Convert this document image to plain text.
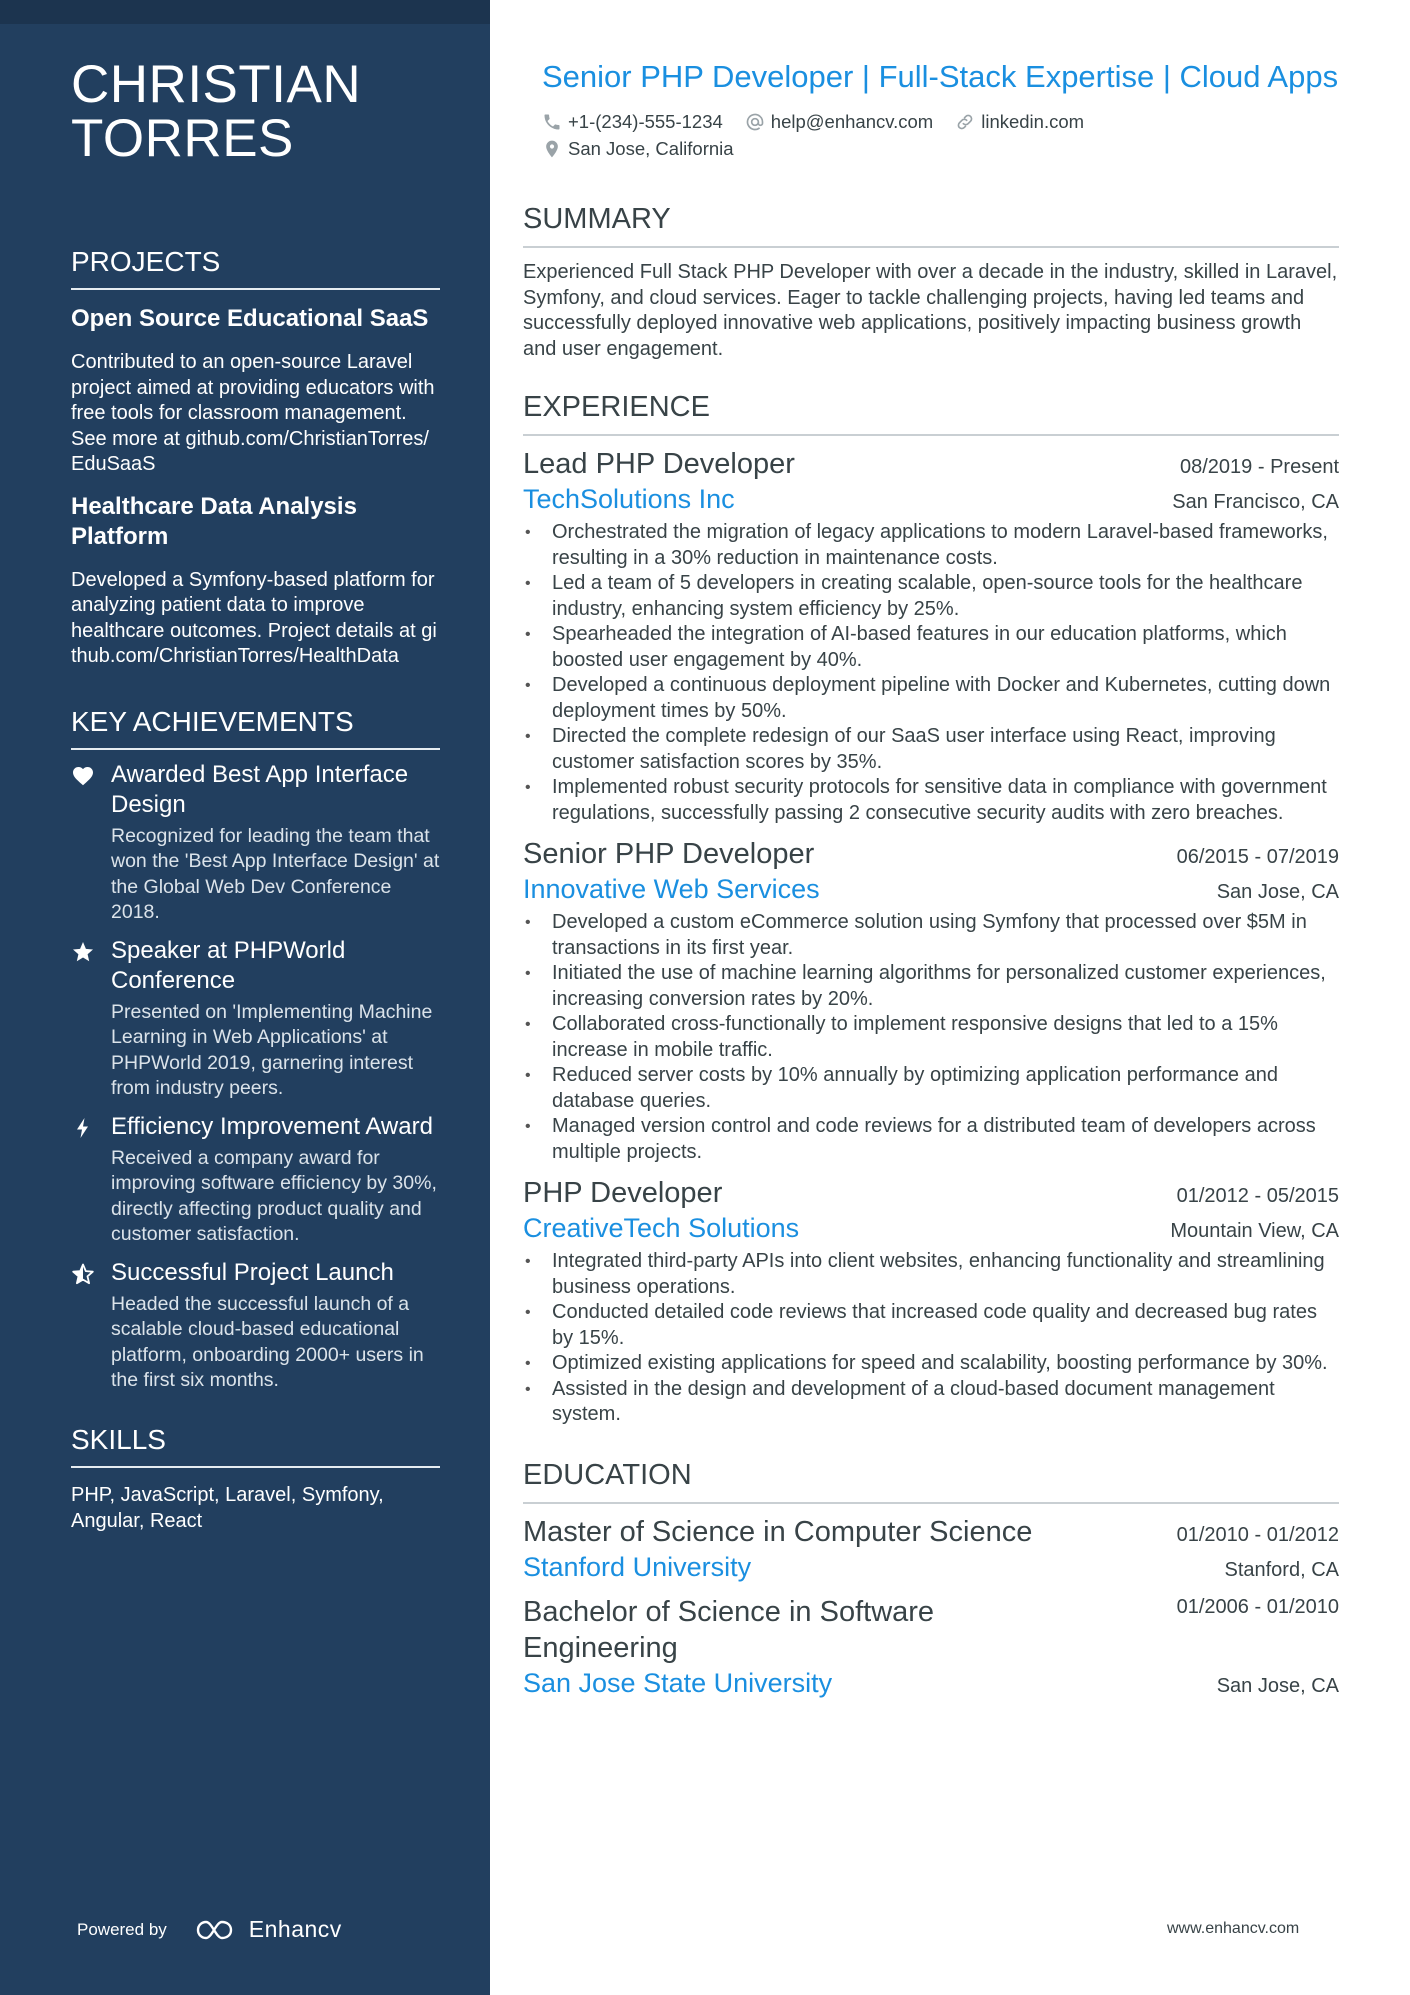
CHRISTIAN
TORRES
PROJECTS
Open Source Educational SaaS
Contributed to an open-source Laravel project aimed at providing educators with free tools for classroom management. See more at github.com/ChristianTorres/EduSaaS
Healthcare Data Analysis Platform
Developed a Symfony-based platform for analyzing patient data to improve healthcare outcomes. Project details at github.com/ChristianTorres/HealthData
KEY ACHIEVEMENTS
Awarded Best App Interface Design
Recognized for leading the team that won the 'Best App Interface Design' at the Global Web Dev Conference 2018.
Speaker at PHPWorld Conference
Presented on 'Implementing Machine Learning in Web Applications' at PHPWorld 2019, garnering interest from industry peers.
Efficiency Improvement Award
Received a company award for improving software efficiency by 30%, directly affecting product quality and customer satisfaction.
Successful Project Launch
Headed the successful launch of a scalable cloud-based educational platform, onboarding 2000+ users in the first six months.
SKILLS
PHP, JavaScript, Laravel, Symfony, Angular, React
Powered by	Enhancv
Senior PHP Developer | Full-Stack Expertise | Cloud Apps
+1-(234)-555-1234	help@enhancv.com	linkedin.com
San Jose, California
SUMMARY
Experienced Full Stack PHP Developer with over a decade in the industry, skilled in Laravel, Symfony, and cloud services. Eager to tackle challenging projects, having led teams and successfully deployed innovative web applications, positively impacting business growth and user engagement.
EXPERIENCE
Lead PHP Developer	08/2019 - Present
TechSolutions Inc	San Francisco, CA
• Orchestrated the migration of legacy applications to modern Laravel-based frameworks, resulting in a 30% reduction in maintenance costs.
• Led a team of 5 developers in creating scalable, open-source tools for the healthcare industry, enhancing system efficiency by 25%.
• Spearheaded the integration of AI-based features in our education platforms, which boosted user engagement by 40%.
• Developed a continuous deployment pipeline with Docker and Kubernetes, cutting down deployment times by 50%.
• Directed the complete redesign of our SaaS user interface using React, improving customer satisfaction scores by 35%.
• Implemented robust security protocols for sensitive data in compliance with government regulations, successfully passing 2 consecutive security audits with zero breaches.
Senior PHP Developer	06/2015 - 07/2019
Innovative Web Services	San Jose, CA
• Developed a custom eCommerce solution using Symfony that processed over $5M in transactions in its first year.
• Initiated the use of machine learning algorithms for personalized customer experiences, increasing conversion rates by 20%.
• Collaborated cross-functionally to implement responsive designs that led to a 15% increase in mobile traffic.
• Reduced server costs by 10% annually by optimizing application performance and database queries.
• Managed version control and code reviews for a distributed team of developers across multiple projects.
PHP Developer	01/2012 - 05/2015
CreativeTech Solutions	Mountain View, CA
• Integrated third-party APIs into client websites, enhancing functionality and streamlining business operations.
• Conducted detailed code reviews that increased code quality and decreased bug rates by 15%.
• Optimized existing applications for speed and scalability, boosting performance by 30%.
• Assisted in the design and development of a cloud-based document management system.
EDUCATION
Master of Science in Computer Science	01/2010 - 01/2012
Stanford University	Stanford, CA
Bachelor of Science in Software Engineering
01/2006 - 01/2010
San Jose State University	San Jose, CA
www.enhancv.com
